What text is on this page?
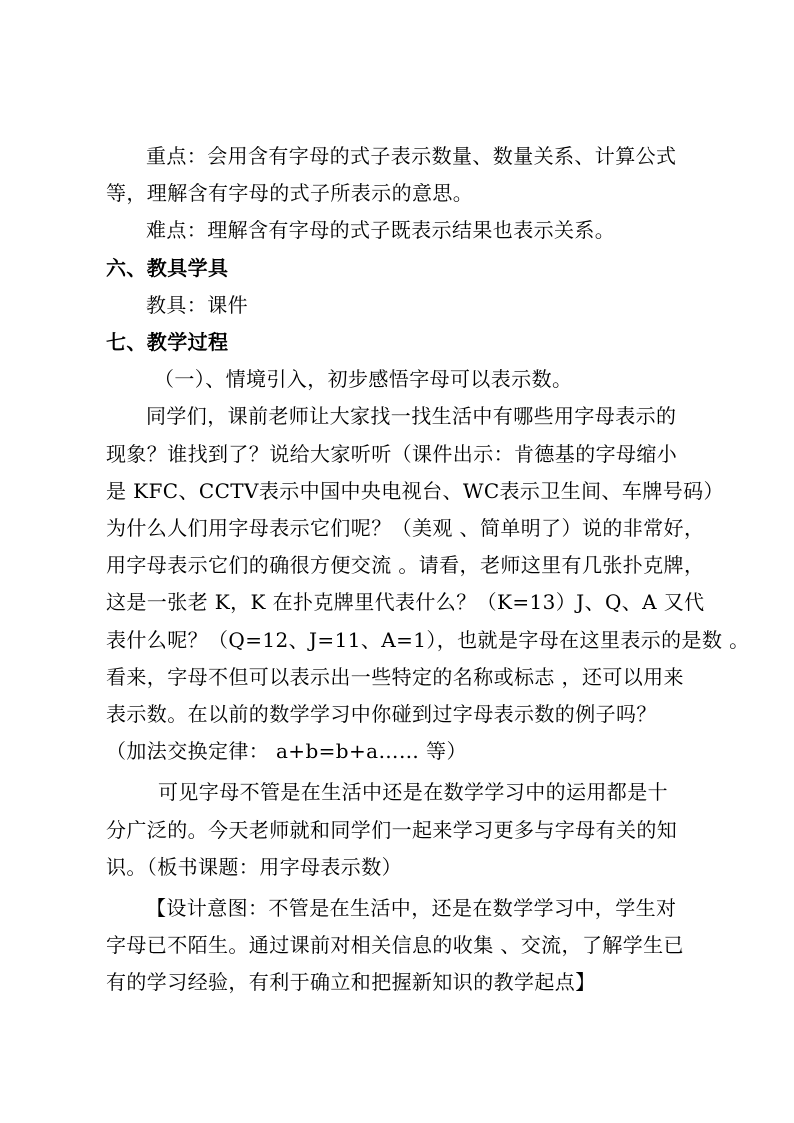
重点：会用含有字母的式子表示数量、数量关系、计算公式
等，理解含有字母的式子所表示的意思。
难点：理解含有字母的式子既表示结果也表示关系。
六、教具学具
教具：课件
七、教学过程
（一）、情境引入，初步感悟字母可以表示数。
同学们，课前老师让大家找一找生活中有哪些用字母表示的
现象？谁找到了？说给大家听听（课件出示：肯德基的字母缩小
是 KFC、CCTV表示中国中央电视台、WC表示卫生间、车牌号码）
为什么人们用字母表示它们呢？（美观 、简单明了）说的非常好，
用字母表示它们的确很方便交流 。请看，老师这里有几张扑克牌，
这是一张老 K，K 在扑克牌里代表什么？（K=13）J、Q、A 又代
表什么呢？（Q=12、J=11、A=1），也就是字母在这里表示的是数 。
看来，字母不但可以表示出一些特定的名称或标志 ，还可以用来
表示数。在以前的数学学习中你碰到过字母表示数的例子吗？
（加法交换定律： a+b=b+a…… 等）
可见字母不管是在生活中还是在数学学习中的运用都是十
分广泛的。今天老师就和同学们一起来学习更多与字母有关的知
识。（板书课题：用字母表示数）
【设计意图：不管是在生活中，还是在数学学习中，学生对
字母已不陌生。通过课前对相关信息的收集 、交流，了解学生已
有的学习经验，有利于确立和把握新知识的教学起点】
